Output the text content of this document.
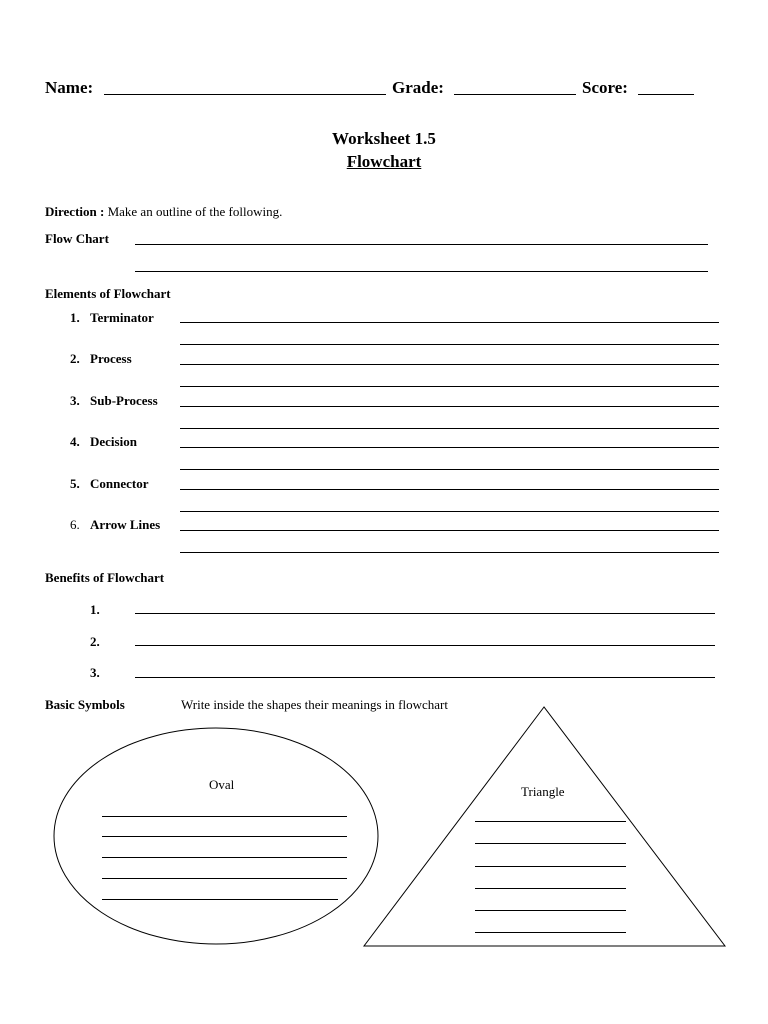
Name:	Grade:	Score:
Worksheet 1.5
Flowchart
Direction : Make an outline of the following.
Flow Chart
Elements of Flowchart
1. Terminator
2. Process
3. Sub-Process
4. Decision
5. Connector
6. Arrow Lines
Benefits of Flowchart
1.
2.
3.
Basic Symbols	Write inside the shapes their meanings in flowchart
Oval	Triangle
